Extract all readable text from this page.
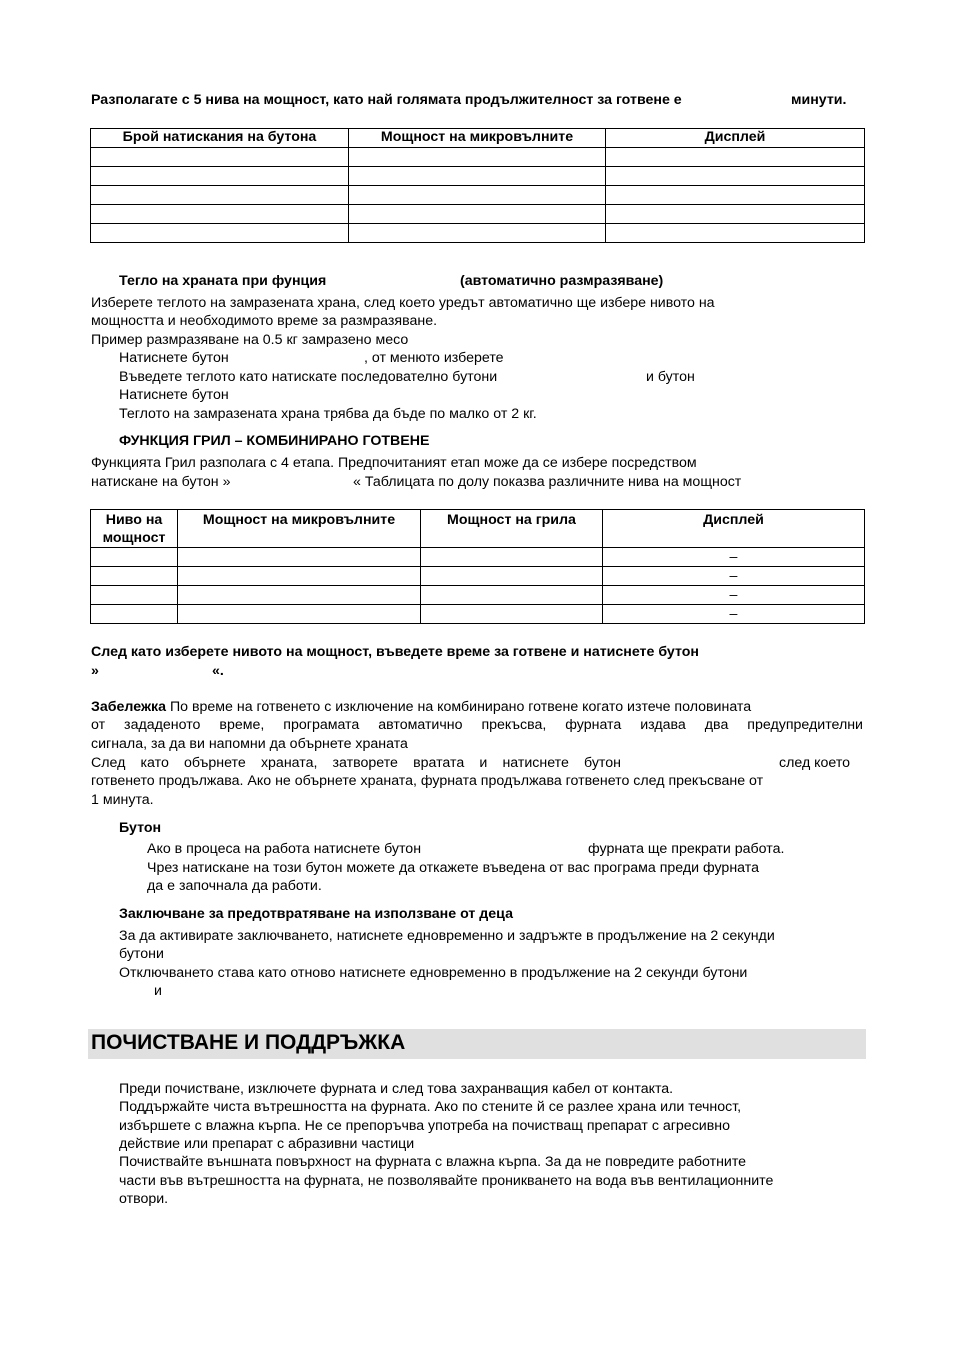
Разполагате с 5 нива на мощност, като най голямата продължителност за готвене е	минути.
Брой натискания на бутона	Мощност на микровълните	Дисплей

Тегло на храната при фунция	(автоматично размразяване)
Изберете теглото на замразената храна, след което уредът автоматично ще избере нивото на
мощността и необходимото време за размразяване.
Пример размразяване на 0.5 кг замразено месо
Натиснете бутон	, от менюто изберете
Въведете теглото като натискате последователно бутони	и бутон
Натиснете бутон
Теглото на замразената храна трябва да бъде по малко от 2 кг.
ФУНКЦИЯ ГРИЛ – КОМБИНИРАНО ГОТВЕНЕ
Функцията Грил разполага с 4 етапа. Предпочитаният етап може да се избере посредством
натискане на бутон »	« Таблицата по долу показва различните нива на мощност
Ниво на мощност	Мощност на микровълните	Мощност на грила	Дисплей
			–
			–
			–
			–
След като изберете нивото на мощност, въведете време за готвене и натиснете бутон
»	«.
Забележка По време на готвенето с изключение на комбинирано готвене когато изтече половината
от зададеното време, програмата автоматично прекъсва, фурната издава два предупредителни
сигнала, за да ви напомни да обърнете храната
След като обърнете храната, затворете вратата и натиснете бутон	след което
готвенето продължава. Ако не обърнете храната, фурната продължава готвенето след прекъсване от
1 минута.
Бутон
Ако в процеса на работа натиснете бутон	фурната ще прекрати работа.
Чрез натискане на този бутон можете да откажете въведена от вас програма преди фурната
да е започнала да работи.
Заключване за предотвратяване на използване от деца
За да активирате заключването, натиснете едновременно и задръжте в продължение на 2 секунди
бутони
Отключването става като отново натиснете едновременно в продължение на 2 секунди бутони
и
ПОЧИСТВАНЕ И ПОДДРЪЖКА
Преди почистване, изключете фурната и след това захранващия кабел от контакта.
Поддържайте чиста вътрешността на фурната. Ако по стените й се разлее храна или течност,
избършете с влажна кърпа. Не се препоръчва употреба на почистващ препарат с агресивно
действие или препарат с абразивни частици
Почиствайте външната повърхност на фурната с влажна кърпа. За да не повредите работните
части във вътрешността на фурната, не позволявайте проникването на вода във вентилационните
отвори.
